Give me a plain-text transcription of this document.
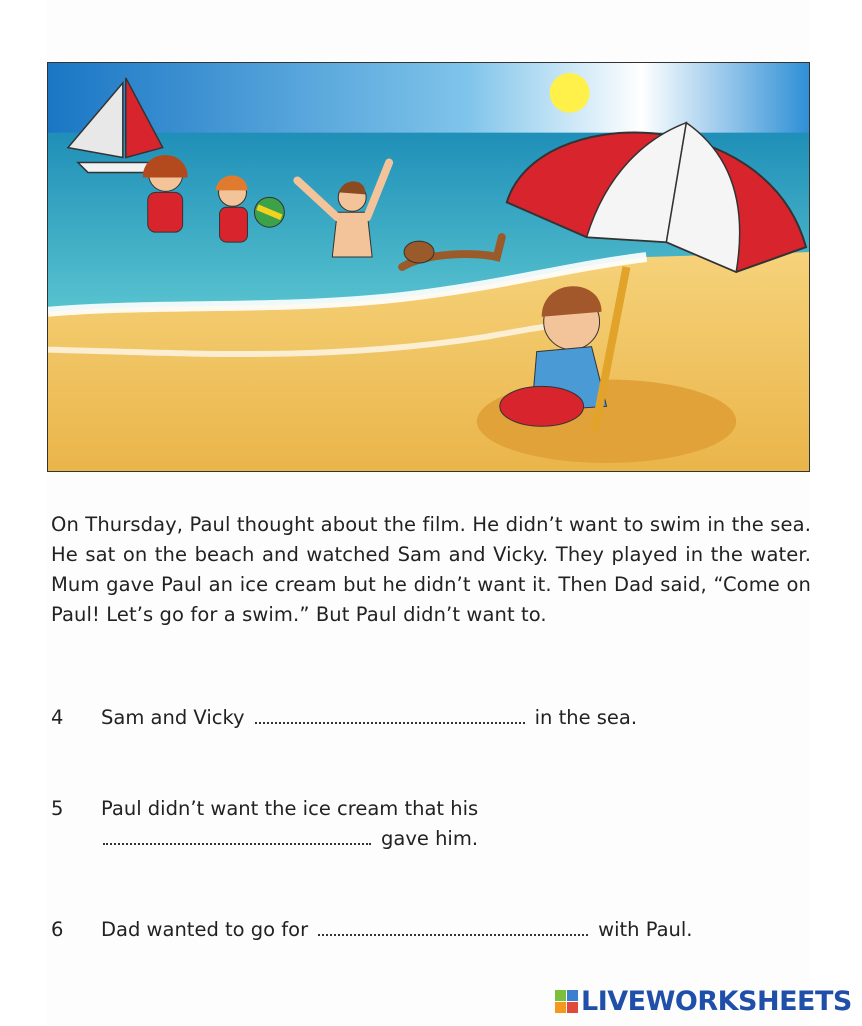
On Thursday, Paul thought about the film. He didn’t want to swim in the sea. He sat on the beach and watched Sam and Vicky. They played in the water. Mum gave Paul an ice cream but he didn’t want it. Then Dad said, “Come on Paul! Let’s go for a swim.” But Paul didn’t want to.

4 Sam and Vicky	in the sea.
5 Paul didn’t want the ice cream that his
gave him.
6 Dad wanted to go for	with Paul.
LIVEWORKSHEETS
